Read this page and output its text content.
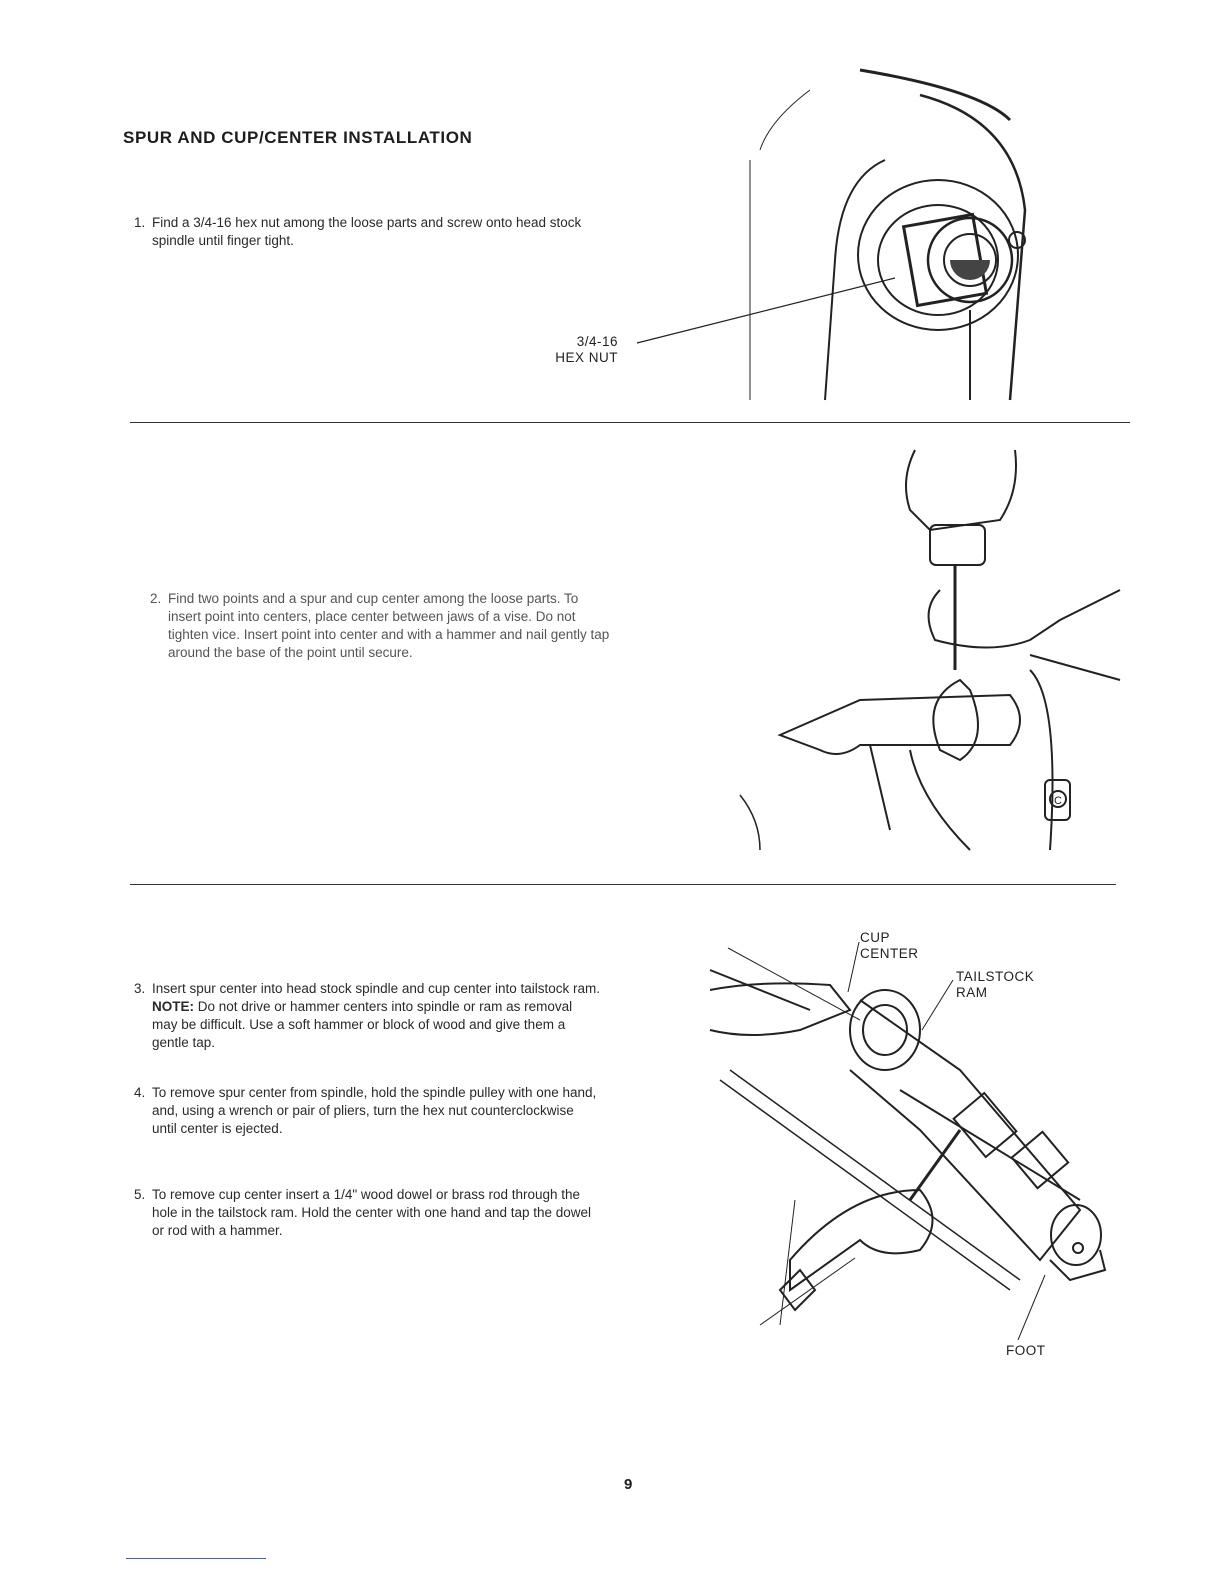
SPUR AND CUP/CENTER INSTALLATION
1. Find a 3/4-16 hex nut among the loose parts and screw onto head stock spindle until finger tight.
3/4-16
HEX NUT
2. Find two points and a spur and cup center among the loose parts. To insert point into centers, place center between jaws of a vise. Do not tighten vice. Insert point into center and with a hammer and nail gently tap around the base of the point until secure.
C
3. Insert spur center into head stock spindle and cup center into tailstock ram. NOTE: Do not drive or hammer centers into spindle or ram as removal may be difficult. Use a soft hammer or block of wood and give them a gentle tap.
4. To remove spur center from spindle, hold the spindle pulley with one hand, and, using a wrench or pair of pliers, turn the hex nut counterclockwise until center is ejected.
5. To remove cup center insert a 1/4" wood dowel or brass rod through the hole in the tailstock ram. Hold the center with one hand and tap the dowel or rod with a hammer.
CUP
CENTER
TAILSTOCK
RAM
FOOT
9
